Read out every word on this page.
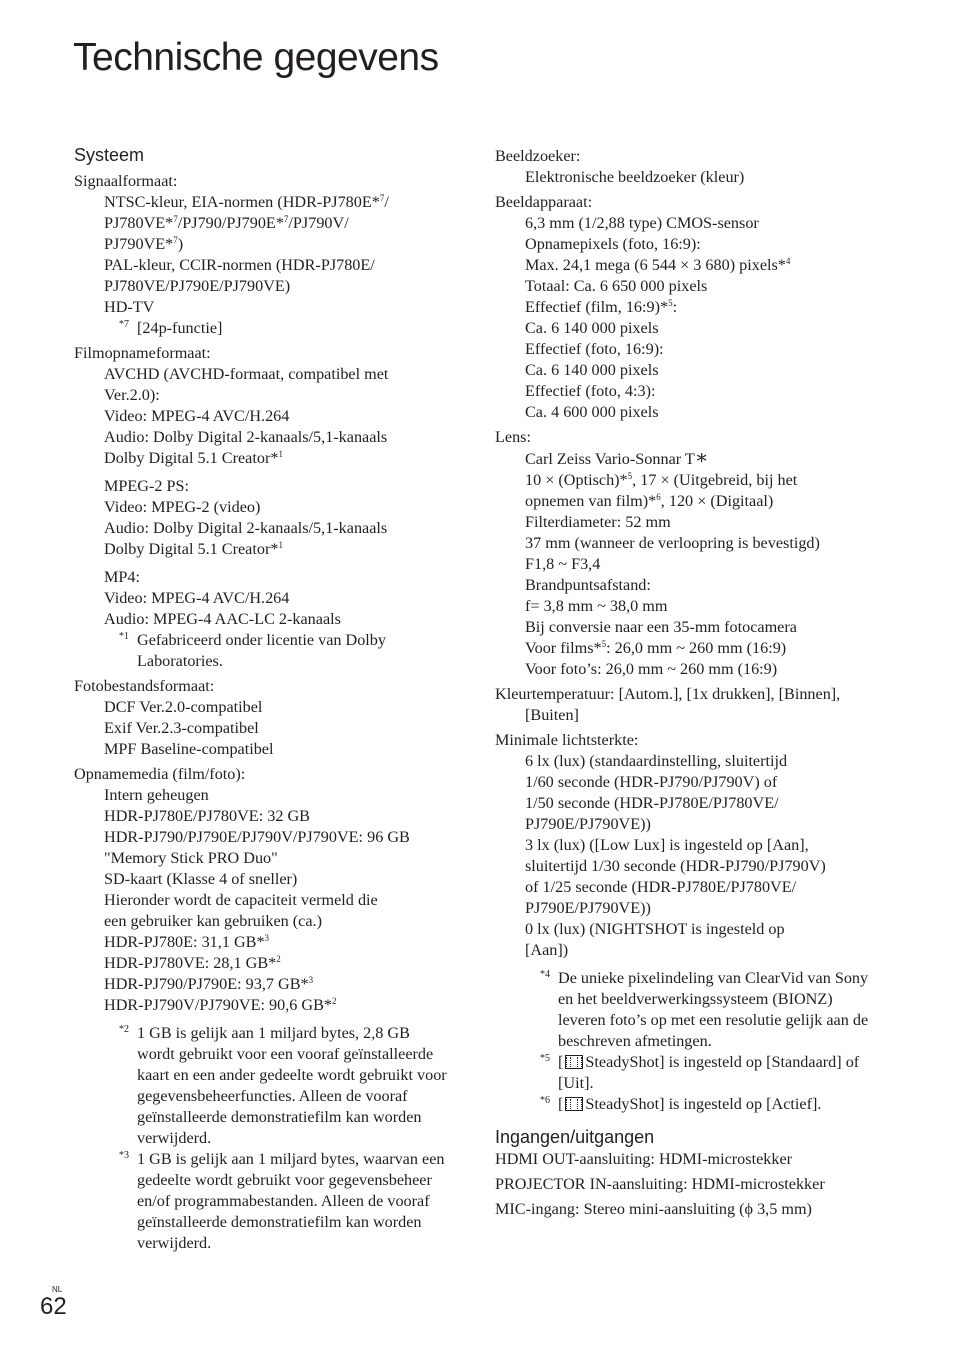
Technische gegevens
Systeem
Signaalformaat:
NTSC-kleur, EIA-normen (HDR-PJ780E*$^7$/
PJ780VE*$^7$/PJ790/PJ790E*$^7$/PJ790V/
PJ790VE*$^7$)
PAL-kleur, CCIR-normen (HDR-PJ780E/
PJ780VE/PJ790E/PJ790VE)
HD-TV
*7 [24p-functie]
Filmopnameformaat:
AVCHD (AVCHD-formaat, compatibel met
Ver.2.0):
Video: MPEG-4 AVC/H.264
Audio: Dolby Digital 2-kanaals/5,1-kanaals
Dolby Digital 5.1 Creator*$^1$
MPEG-2 PS:
Video: MPEG-2 (video)
Audio: Dolby Digital 2-kanaals/5,1-kanaals
Dolby Digital 5.1 Creator*$^1$
MP4:
Video: MPEG-4 AVC/H.264
Audio: MPEG-4 AAC-LC 2-kanaals
*1 Gefabriceerd onder licentie van Dolby Laboratories.
Fotobestandsformaat:
DCF Ver.2.0-compatibel
Exif Ver.2.3-compatibel
MPF Baseline-compatibel
Opnamemedia (film/foto):
Intern geheugen
HDR-PJ780E/PJ780VE: 32 GB
HDR-PJ790/PJ790E/PJ790V/PJ790VE: 96 GB
"Memory Stick PRO Duo"
SD-kaart (Klasse 4 of sneller)
Hieronder wordt de capaciteit vermeld die
een gebruiker kan gebruiken (ca.)
HDR-PJ780E: 31,1 GB*$^3$
HDR-PJ780VE: 28,1 GB*$^2$
HDR-PJ790/PJ790E: 93,7 GB*$^3$
HDR-PJ790V/PJ790VE: 90,6 GB*$^2$
*2 1 GB is gelijk aan 1 miljard bytes, 2,8 GB wordt gebruikt voor een vooraf geïnstalleerde kaart en een ander gedeelte wordt gebruikt voor gegevensbeheerfuncties. Alleen de vooraf geïnstalleerde demonstratiefilm kan worden verwijderd.
*3 1 GB is gelijk aan 1 miljard bytes, waarvan een gedeelte wordt gebruikt voor gegevensbeheer en/of programmabestanden. Alleen de vooraf geïnstalleerde demonstratiefilm kan worden verwijderd.
Beeldzoeker:
Elektronische beeldzoeker (kleur)
Beeldapparaat:
6,3 mm (1/2,88 type) CMOS-sensor
Opnamepixels (foto, 16:9):
Max. 24,1 mega (6 544 × 3 680) pixels*$^4$
Totaal: Ca. 6 650 000 pixels
Effectief (film, 16:9)*$^5$:
Ca. 6 140 000 pixels
Effectief (foto, 16:9):
Ca. 6 140 000 pixels
Effectief (foto, 4:3):
Ca. 4 600 000 pixels
Lens:
Carl Zeiss Vario-Sonnar T∗
10 × (Optisch)*$^5$, 17 × (Uitgebreid, bij het
opnemen van film)*$^6$, 120 × (Digitaal)
Filterdiameter: 52 mm
37 mm (wanneer de verloopring is bevestigd)
F1,8 ~ F3,4
Brandpuntsafstand:
f= 3,8 mm ~ 38,0 mm
Bij conversie naar een 35-mm fotocamera
Voor films*$^5$: 26,0 mm ~ 260 mm (16:9)
Voor foto’s: 26,0 mm ~ 260 mm (16:9)
Kleurtemperatuur: [Autom.], [1x drukken], [Binnen], [Buiten]
Minimale lichtsterkte:
6 lx (lux) (standaardinstelling, sluitertijd
1/60 seconde (HDR-PJ790/PJ790V) of
1/50 seconde (HDR-PJ780E/PJ780VE/
PJ790E/PJ790VE))
3 lx (lux) ([Low Lux] is ingesteld op [Aan],
sluitertijd 1/30 seconde (HDR-PJ790/PJ790V)
of 1/25 seconde (HDR-PJ780E/PJ780VE/
PJ790E/PJ790VE))
0 lx (lux) (NIGHTSHOT is ingesteld op
[Aan])
*4 De unieke pixelindeling van ClearVid van Sony en het beeldverwerkingssysteem (BIONZ) leveren foto’s op met een resolutie gelijk aan de beschreven afmetingen.
*5 [ SteadyShot] is ingesteld op [Standaard] of [Uit].
*6 [ SteadyShot] is ingesteld op [Actief].
Ingangen/uitgangen
HDMI OUT-aansluiting: HDMI-microstekker
PROJECTOR IN-aansluiting: HDMI-microstekker
MIC-ingang: Stereo mini-aansluiting (ϕ 3,5 mm)
NL
62
